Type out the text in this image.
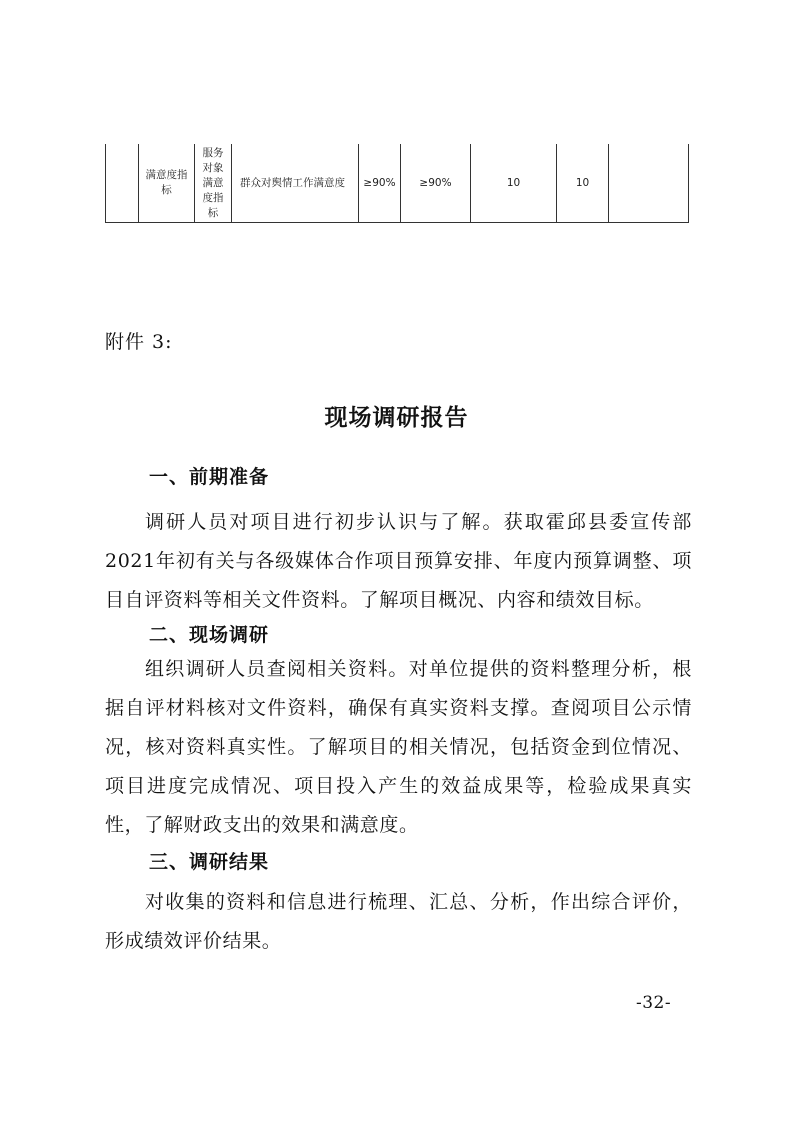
	满意度指标	服务对象满意度指标	群众对舆情工作满意度	≥90%	≥90%	10	10	
附件 3:
现场调研报告
一、前期准备
调研人员对项目进行初步认识与了解。获取霍邱县委宣传部2021年初有关与各级媒体合作项目预算安排、年度内预算调整、项目自评资料等相关文件资料。了解项目概况、内容和绩效目标。
二、现场调研
组织调研人员查阅相关资料。对单位提供的资料整理分析，根据自评材料核对文件资料，确保有真实资料支撑。查阅项目公示情况，核对资料真实性。了解项目的相关情况，包括资金到位情况、项目进度完成情况、项目投入产生的效益成果等，检验成果真实性，了解财政支出的效果和满意度。
三、调研结果
对收集的资料和信息进行梳理、汇总、分析，作出综合评价，形成绩效评价结果。
-32-
